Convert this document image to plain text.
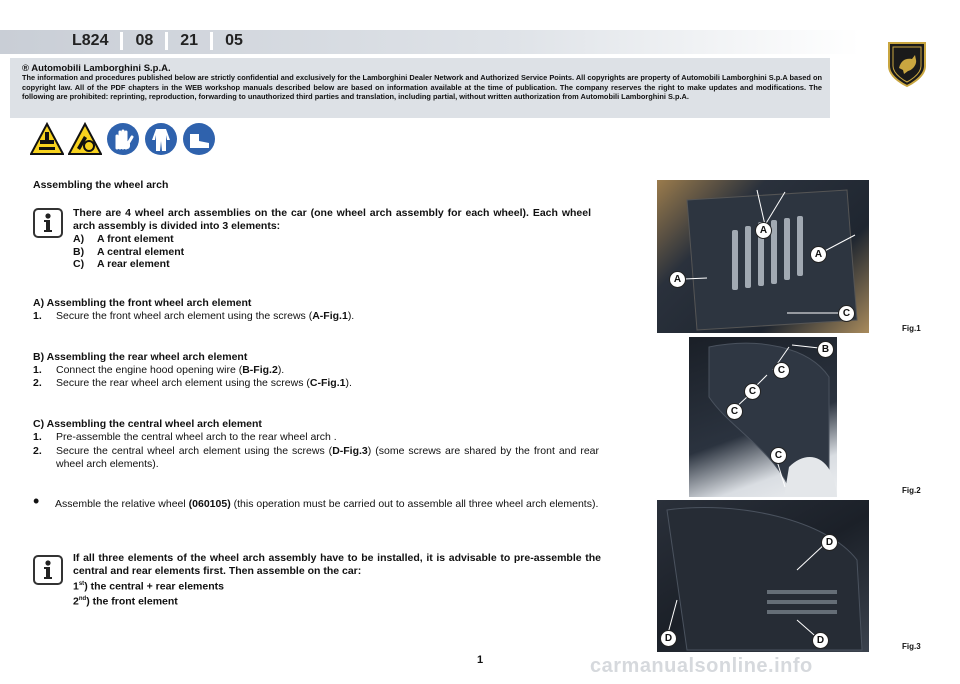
L824	08	21	05
® Automobili Lamborghini S.p.A.
The information and procedures published below are strictly confidential and exclusively for the Lamborghini Dealer Network and Authorized Service Points. All copyrights are property of Automobili Lamborghini S.p.A based on copyright law. All of the PDF chapters in the WEB workshop manuals described below are based on information available at the time of publication. The company reserves the right to make updates and modifications. The following are prohibited: reprinting, reproduction, forwarding to unauthorized third parties and translation, including partial, without written authorization from Automobili Lamborghini S.p.A.
Assembling the wheel arch
There are 4 wheel arch assemblies on the car (one wheel arch assembly for each wheel). Each wheel arch assembly is divided into 3 elements:
A) A front element
B) A central element
C) A rear element
A) Assembling the front wheel arch element
1. Secure the front wheel arch element using the screws (A-Fig.1).
B) Assembling the rear wheel arch element
1. Connect the engine hood opening wire (B-Fig.2).
2. Secure the rear wheel arch element using the screws (C-Fig.1).
C) Assembling the central wheel arch element
1. Pre-assemble the central wheel arch to the rear wheel arch .
2. Secure the central wheel arch element using the screws (D-Fig.3) (some screws are shared by the front and rear wheel arch elements).
• Assemble the relative wheel (060105) (this operation must be carried out to assemble all three wheel arch elements).
If all three elements of the wheel arch assembly have to be installed, it is advisable to pre-assemble the central and rear elements first. Then assemble on the car:
1st) the central + rear elements
2nd) the front element
A
A
A
C
Fig.1
B
C
C
C
C
Fig.2
D
D	D
Fig.3
1	carmanualsonline.info
